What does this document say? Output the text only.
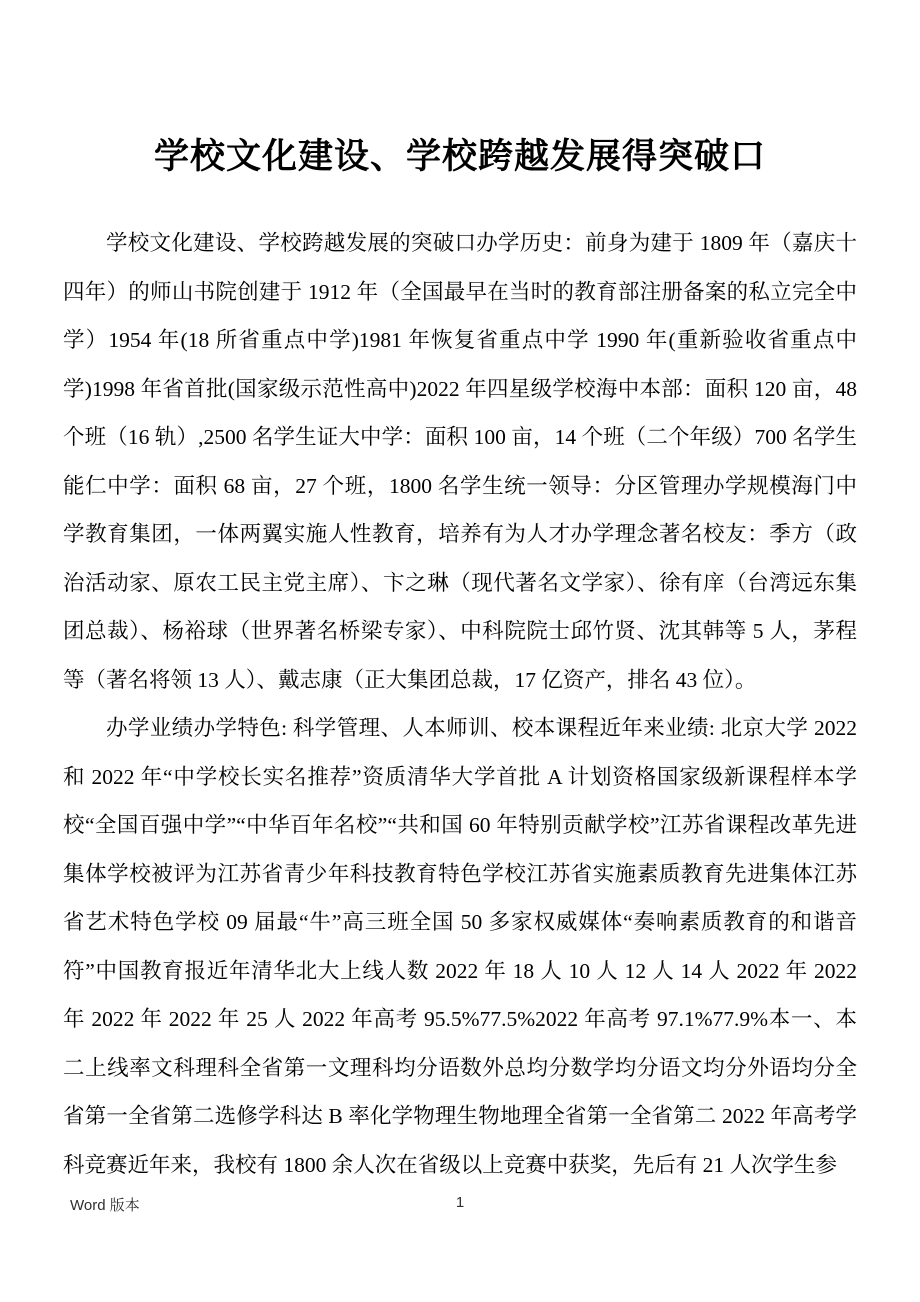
学校文化建设、学校跨越发展得突破口

学校文化建设、学校跨越发展的突破口办学历史：前身为建于 1809 年（嘉庆十四年）的师山书院创建于 1912 年（全国最早在当时的教育部注册备案的私立完全中学）1954 年(18 所省重点中学)1981 年恢复省重点中学 1990 年(重新验收省重点中学)1998 年省首批(国家级示范性高中)2022 年四星级学校海中本部：面积 120 亩，48 个班（16 轨）,2500 名学生证大中学：面积 100 亩，14 个班（二个年级）700 名学生能仁中学：面积 68 亩，27 个班，1800 名学生统一领导：分区管理办学规模海门中学教育集团，一体两翼实施人性教育，培养有为人才办学理念著名校友：季方（政治活动家、原农工民主党主席）、卞之琳（现代著名文学家）、徐有庠（台湾远东集团总裁）、杨裕球（世界著名桥梁专家）、中科院院士邱竹贤、沈其韩等 5 人，茅程等（著名将领 13 人）、戴志康（正大集团总裁，17 亿资产，排名 43 位）。

办学业绩办学特色: 科学管理、人本师训、校本课程近年来业绩: 北京大学 2022 和 2022 年“中学校长实名推荐”资质清华大学首批 A 计划资格国家级新课程样本学校“全国百强中学”“中华百年名校”“共和国 60 年特别贡献学校”江苏省课程改革先进集体学校被评为江苏省青少年科技教育特色学校江苏省实施素质教育先进集体江苏省艺术特色学校 09 届最“牛”高三班全国 50 多家权威媒体“奏响素质教育的和谐音符”中国教育报近年清华北大上线人数 2022 年 18 人 10 人 12 人 14 人 2022 年 2022 年 2022 年 2022 年 25 人 2022 年高考 95.5%77.5%2022 年高考 97.1%77.9%本一、本二上线率文科理科全省第一文理科均分语数外总均分数学均分语文均分外语均分全省第一全省第二选修学科达 B 率化学物理生物地理全省第一全省第二 2022 年高考学科竞赛近年来，我校有 1800 余人次在省级以上竞赛中获奖，先后有 21 人次学生参

Word 版本	1
